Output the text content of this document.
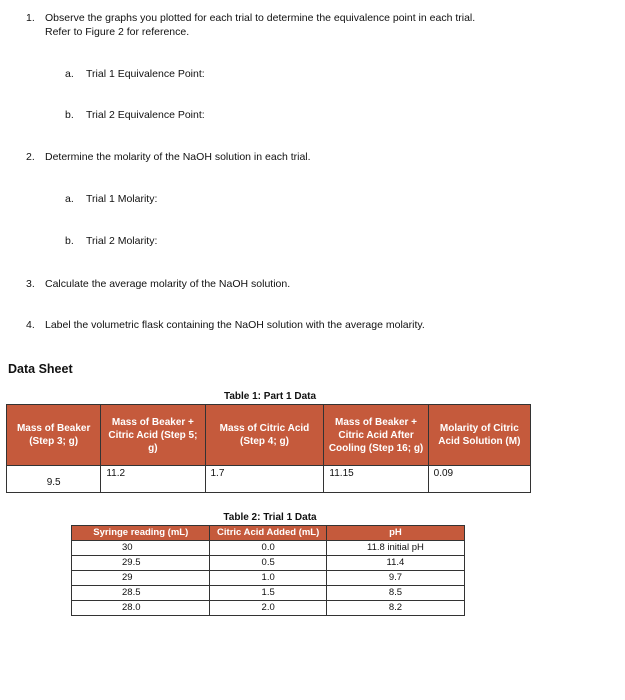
1. Observe the graphs you plotted for each trial to determine the equivalence point in each trial.
Refer to Figure 2 for reference.
a. Trial 1 Equivalence Point:
b. Trial 2 Equivalence Point:
2. Determine the molarity of the NaOH solution in each trial.
a. Trial 1 Molarity:
b. Trial 2 Molarity:
3. Calculate the average molarity of the NaOH solution.
4. Label the volumetric flask containing the NaOH solution with the average molarity.
Data Sheet
Table 1: Part 1 Data
Mass of Beaker (Step 3; g)	Mass of Beaker + Citric Acid (Step 5; g)	Mass of Citric Acid (Step 4; g)	Mass of Beaker + Citric Acid After Cooling (Step 16; g)	Molarity of Citric Acid Solution (M)
9.5	11.2	1.7	11.15	0.09
Table 2: Trial 1 Data
Syringe reading (mL)	Citric Acid Added (mL)	pH
30	0.0	11.8 initial pH
29.5	0.5	11.4
29	1.0	9.7
28.5	1.5	8.5
28.0	2.0	8.2
